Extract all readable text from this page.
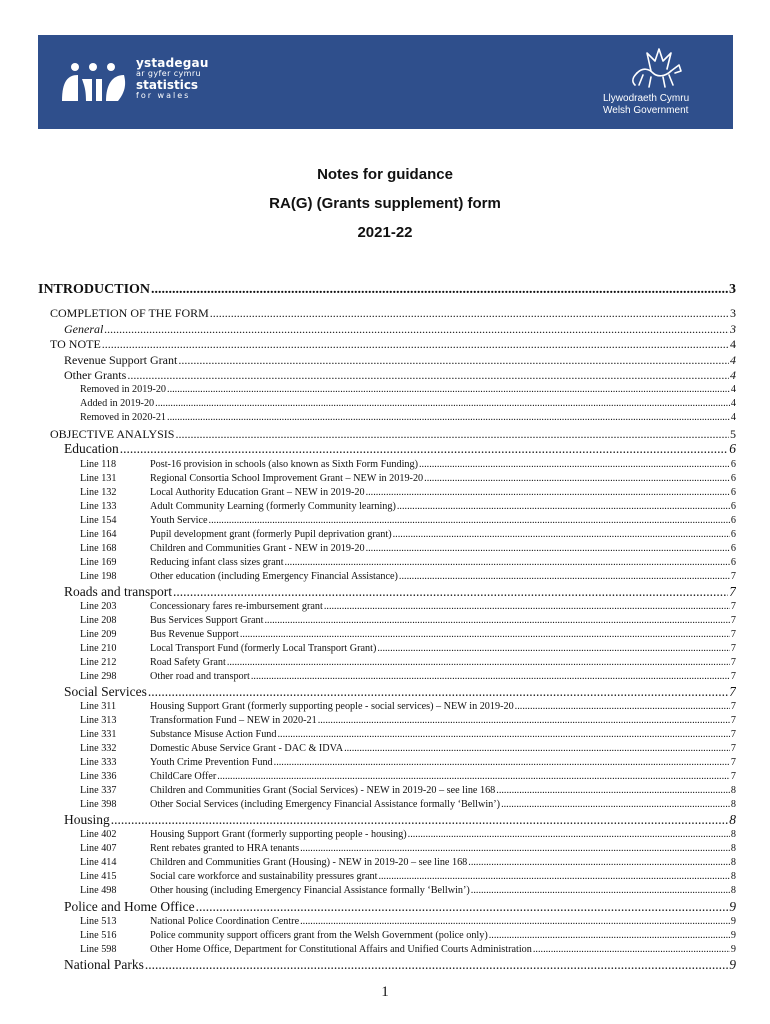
ystadegau
ar gyfer cymru
statistics
for wales	Llywodraeth Cymru
Welsh Government
Notes for guidance
RA(G) (Grants supplement) form
2021-22
INTRODUCTION .....	3
COMPLETION OF THE FORM .....	3
General .....	3
TO NOTE .....	4
Revenue Support Grant .....	4
Other Grants .....	4
Removed in 2019-20 .....	4
Added in 2019-20 .....	4
Removed in 2020-21 .....	4
OBJECTIVE ANALYSIS .....	5
Education .....	6
Line 118	Post-16 provision in schools (also known as Sixth Form Funding) .....	6
Line 131	Regional Consortia School Improvement Grant – NEW in 2019-20 .....	6
Line 132	Local Authority Education Grant – NEW in 2019-20 .....	6
Line 133	Adult Community Learning (formerly Community learning) .....	6
Line 154	Youth Service .....	6
Line 164	Pupil development grant (formerly Pupil deprivation grant) .....	6
Line 168	Children and Communities Grant - NEW in 2019-20 .....	6
Line 169	Reducing infant class sizes grant .....	6
Line 198	Other education (including Emergency Financial Assistance) .....	7
Roads and transport .....	7
Line 203	Concessionary fares re-imbursement grant .....	7
Line 208	Bus Services Support Grant .....	7
Line 209	Bus Revenue Support .....	7
Line 210	Local Transport Fund (formerly Local Transport Grant) .....	7
Line 212	Road Safety Grant .....	7
Line 298	Other road and transport .....	7
Social Services .....	7
Line 311	Housing Support Grant (formerly supporting people - social services) – NEW in 2019-20 .....	7
Line 313	Transformation Fund – NEW in 2020-21 .....	7
Line 331	Substance Misuse Action Fund .....	7
Line 332	Domestic Abuse Service Grant - DAC & IDVA .....	7
Line 333	Youth Crime Prevention Fund .....	7
Line 336	ChildCare Offer .....	7
Line 337	Children and Communities Grant (Social Services) - NEW in 2019-20 – see line 168 .....	8
Line 398	Other Social Services (including Emergency Financial Assistance formally ‘Bellwin’) .....	8
Housing .....	8
Line 402	Housing Support Grant (formerly supporting people - housing) .....	8
Line 407	Rent rebates granted to HRA tenants .....	8
Line 414	Children and Communities Grant (Housing) - NEW in 2019-20 – see line 168 .....	8
Line 415	Social care workforce and sustainability pressures grant .....	8
Line 498	Other housing (including Emergency Financial Assistance formally ‘Bellwin’) .....	8
Police and Home Office .....	9
Line 513	National Police Coordination Centre .....	9
Line 516	Police community support officers grant from the Welsh Government (police only) .....	9
Line 598	Other Home Office, Department for Constitutional Affairs and Unified Courts Administration .....	9
National Parks .....	9
1
